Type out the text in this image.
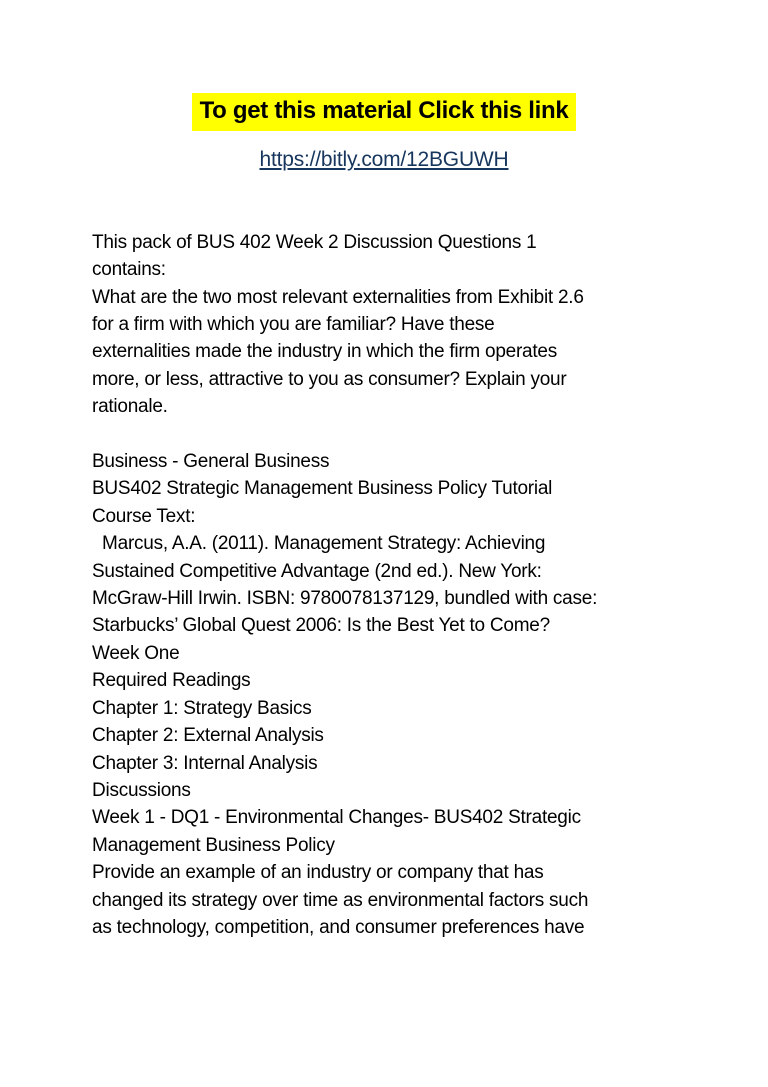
To get this material Click this link
https://bitly.com/12BGUWH

This pack of BUS 402 Week 2 Discussion Questions 1

contains:

What are the two most relevant externalities from Exhibit 2.6

for a firm with which you are familiar? Have these

externalities made the industry in which the firm operates

more, or less, attractive to you as consumer? Explain your

rationale.

Business - General Business

BUS402 Strategic Management Business Policy Tutorial

Course Text:

Marcus, A.A. (2011). Management Strategy: Achieving

Sustained Competitive Advantage (2nd ed.). New York:

McGraw-Hill Irwin. ISBN: 9780078137129, bundled with case:

Starbucks’ Global Quest 2006: Is the Best Yet to Come?

Week One

Required Readings

Chapter 1: Strategy Basics

Chapter 2: External Analysis

Chapter 3: Internal Analysis

Discussions

Week 1 - DQ1 - Environmental Changes- BUS402 Strategic

Management Business Policy

Provide an example of an industry or company that has

changed its strategy over time as environmental factors such

as technology, competition, and consumer preferences have
